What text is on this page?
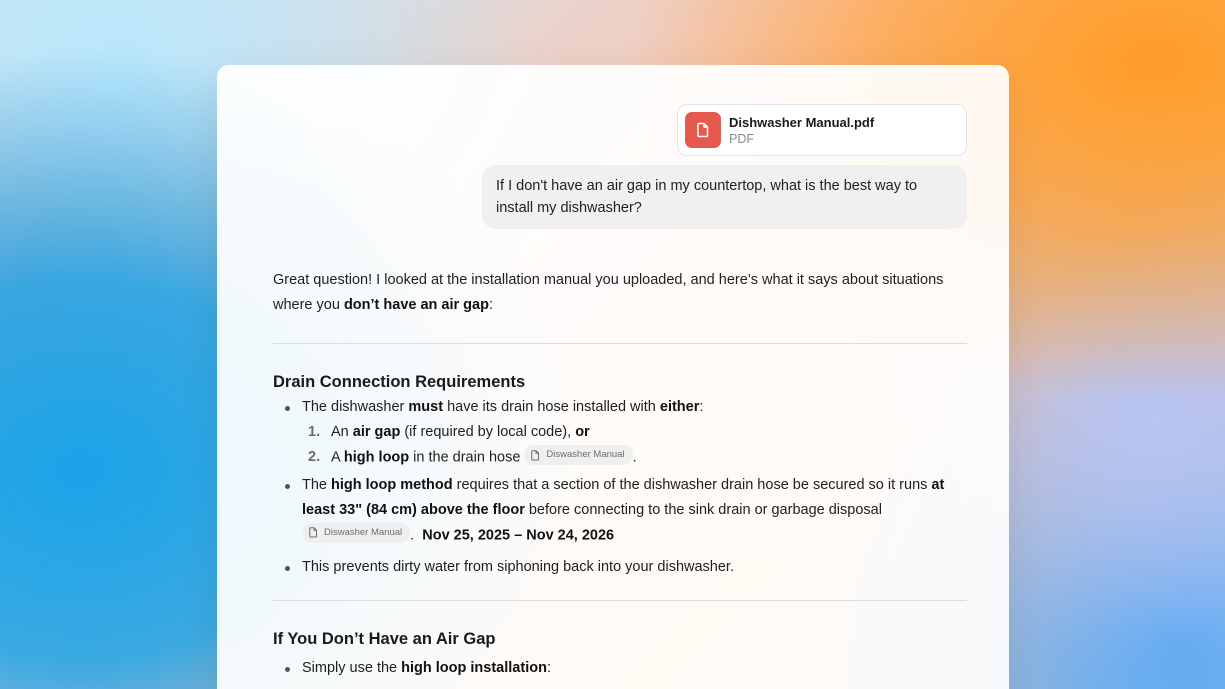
Dishwasher Manual.pdf
PDF
If I don't have an air gap in my countertop, what is the best way to install my dishwasher?

Great question! I looked at the installation manual you uploaded, and here’s what it says about situations where you don’t have an air gap:

Drain Connection Requirements
The dishwasher must have its drain hose installed with either:
1. An air gap (if required by local code), or
2. A high loop in the drain hose Diswasher Manual .
The high loop method requires that a section of the dishwasher drain hose be secured so it runs at least 33" (84 cm) above the floor before connecting to the sink drain or garbage disposal
Diswasher Manual . Nov 25, 2025 – Nov 24, 2026
This prevents dirty water from siphoning back into your dishwasher.
If You Don’t Have an Air Gap
Simply use the high loop installation:
